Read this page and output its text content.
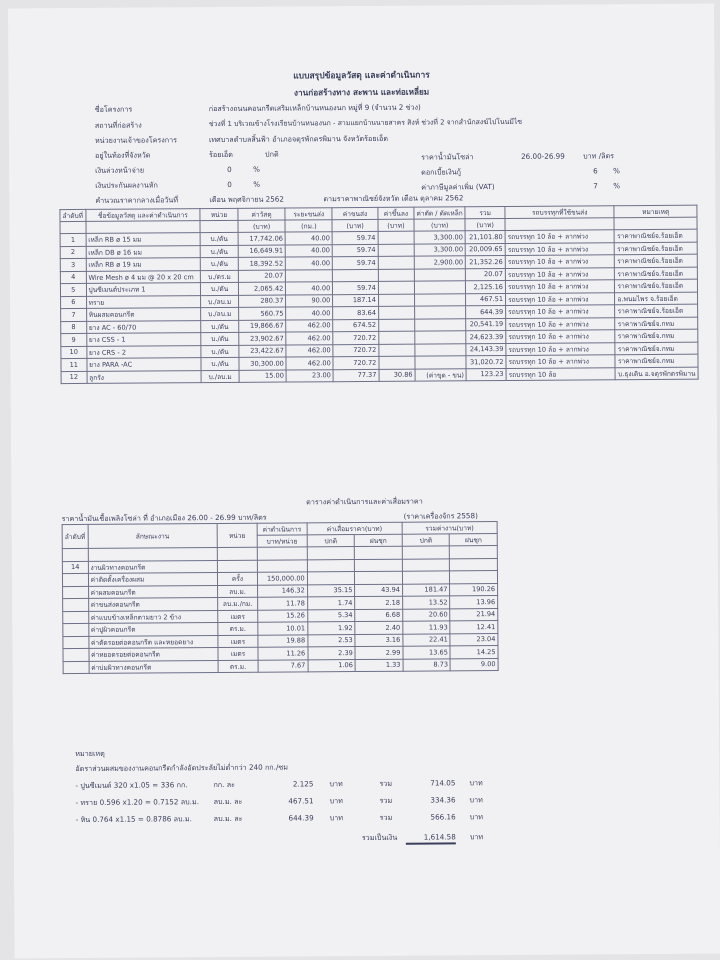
แบบสรุปข้อมูลวัสดุ และค่าดำเนินการ
งานก่อสร้างทาง สะพาน และท่อเหลี่ยม
ชื่อโครงการ	ก่อสร้างถนนคอนกรีตเสริมเหล็กบ้านหนองนก หมู่ที่ 9 (จำนวน 2 ช่วง)
สถานที่ก่อสร้าง	ช่วงที่ 1 บริเวณข้างโรงเรียนบ้านหนองนก - สามแยกบ้านนายสาคร สิงห์ ช่วงที่ 2 จากสำนักสงฆ์ไปโนนมีไซ
หน่วยงานเจ้าของโครงการ	เทศบาลตำบลสิ้นฟ้า อำเภอจตุรพักตรพิมาน จังหวัดร้อยเอ็ด
อยู่ในท้องที่จังหวัด	ร้อยเอ็ด	ปกติ
เงินล่วงหน้าจ่าย	0	%
เงินประกันผลงานหัก	0	%
คำนวณราคากลางเมื่อวันที่	เดือน พฤศจิกายน 2562	ตามราคาพาณิชย์จังหวัด เดือน ตุลาคม 2562
ราคาน้ำมันโซล่า	26.00-26.99	บาท /ลิตร
ดอกเบี้ยเงินกู้	6 %
ค่าภาษีมูลค่าเพิ่ม (VAT)	7 %
ลำดับที่	ชื่อข้อมูลวัสดุ และค่าดำเนินการ	หน่วย	ค่าวัสดุ	ระยะขนส่ง	ค่าขนส่ง	ค่าขึ้นลง	ค่าตัด / ดัดเหล็ก	รวม	รถบรรทุกที่ใช้ขนส่ง	หมายเหตุ
			(บาท)	(กม.)	(บาท)	(บาท)	(บาท)	(บาท)		
1	เหล็ก RB ø 15 มม	บ./ตัน	17,742.06	40.00	59.74		3,300.00	21,101.80	รถบรรทุก 10 ล้อ + ลากพ่วง	ราคาพาณิชย์จ.ร้อยเอ็ด
2	เหล็ก DB ø 16 มม	บ./ตัน	16,649.91	40.00	59.74		3,300.00	20,009.65	รถบรรทุก 10 ล้อ + ลากพ่วง	ราคาพาณิชย์จ.ร้อยเอ็ด
3	เหล็ก RB ø 19 มม	บ./ตัน	18,392.52	40.00	59.74		2,900.00	21,352.26	รถบรรทุก 10 ล้อ + ลากพ่วง	ราคาพาณิชย์จ.ร้อยเอ็ด
4	Wire Mesh ø 4 มม @ 20 x 20 cm	บ./ตร.ม	20.07					20.07	รถบรรทุก 10 ล้อ + ลากพ่วง	ราคาพาณิชย์จ.ร้อยเอ็ด
5	ปูนซีเมนต์ประเภท 1	บ./ตัน	2,065.42	40.00	59.74			2,125.16	รถบรรทุก 10 ล้อ + ลากพ่วง	ราคาพาณิชย์จ.ร้อยเอ็ด
6	ทราย	บ./ลบ.ม	280.37	90.00	187.14			467.51	รถบรรทุก 10 ล้อ + ลากพ่วง	อ.พนมไพร จ.ร้อยเอ็ด
7	หินผสมคอนกรีต	บ./ลบ.ม	560.75	40.00	83.64			644.39	รถบรรทุก 10 ล้อ + ลากพ่วง	ราคาพาณิชย์จ.ร้อยเอ็ด
8	ยาง AC - 60/70	บ./ตัน	19,866.67	462.00	674.52			20,541.19	รถบรรทุก 10 ล้อ + ลากพ่วง	ราคาพาณิชย์จ.กทม
9	ยาง CSS - 1	บ./ตัน	23,902.67	462.00	720.72			24,623.39	รถบรรทุก 10 ล้อ + ลากพ่วง	ราคาพาณิชย์จ.กทม
10	ยาง CRS - 2	บ./ตัน	23,422.67	462.00	720.72			24,143.39	รถบรรทุก 10 ล้อ + ลากพ่วง	ราคาพาณิชย์จ.กทม
11	ยาง PARA -AC	บ./ตัน	30,300.00	462.00	720.72			31,020.72	รถบรรทุก 10 ล้อ + ลากพ่วง	ราคาพาณิชย์จ.กทม
12	ลูกรัง	บ./ลบ.ม	15.00	23.00	77.37	30.86	(ค่าขุด - ขน)	123.23	รถบรรทุก 10 ล้อ	บ.ธุงเติน อ.จตุรพักตรพิมาน
ตารางค่าดำเนินการและค่าเสื่อมราคา
ราคาน้ำมันเชื้อเพลิงโซล่า ที่ อำเภอเมือง 26.00 - 26.99 บาท/ลิตร	(ราคาเครื่องจักร 2558)
ลำดับที่	ลักษณะงาน	หน่วย	ค่าดำเนินการ	ค่าเสื่อมราคา(บาท)		รวมค่างาน(บาท)	
			บาท/หน่วย	ปกติ	ฝนชุก	ปกติ	ฝนชุก

14	งานผิวทางคอนกรีต						
	ค่าติดตั้งเครื่องผสม	ครั้ง	150,000.00				
	ค่าผสมคอนกรีต	ลบ.ม.	146.32	35.15	43.94	181.47	190.26
	ค่าขนส่งคอนกรีต	ลบ.ม./กม.	11.78	1.74	2.18	13.52	13.96
	ค่าแบบข้างเหล็กตามยาว 2 ข้าง	เมตร	15.26	5.34	6.68	20.60	21.94
	ค่าปูผิวคอนกรีต	ตร.ม.	10.01	1.92	2.40	11.93	12.41
	ค่าตัดรอยต่อคอนกรีต และหยอดยาง	เมตร	19.88	2.53	3.16	22.41	23.04
	ค่าหยอดรอยต่อคอนกรีต	เมตร	11.26	2.39	2.99	13.65	14.25
	ค่าบ่มผิวทางคอนกรีต	ตร.ม.	7.67	1.06	1.33	8.73	9.00
หมายเหตุ
อัตราส่วนผสมของงานคอนกรีตกำลังอัดประลัยไม่ต่ำกว่า 240 กก./ซม
- ปูนซีเมนต์ 320 x1.05 = 336 กก.	กก. ละ	2.125 บาท	รวม	714.05 บาท
- ทราย 0.596 x1.20 = 0.7152 ลบ.ม. ลบ.ม. ละ	467.51 บาท	รวม	334.36 บาท
- หิน 0.764 x1.15 = 0.8786 ลบ.ม.	ลบ.ม. ละ	644.39 บาท	รวม	566.16 บาท
รวมเป็นเงิน	1,614.58 บาท
